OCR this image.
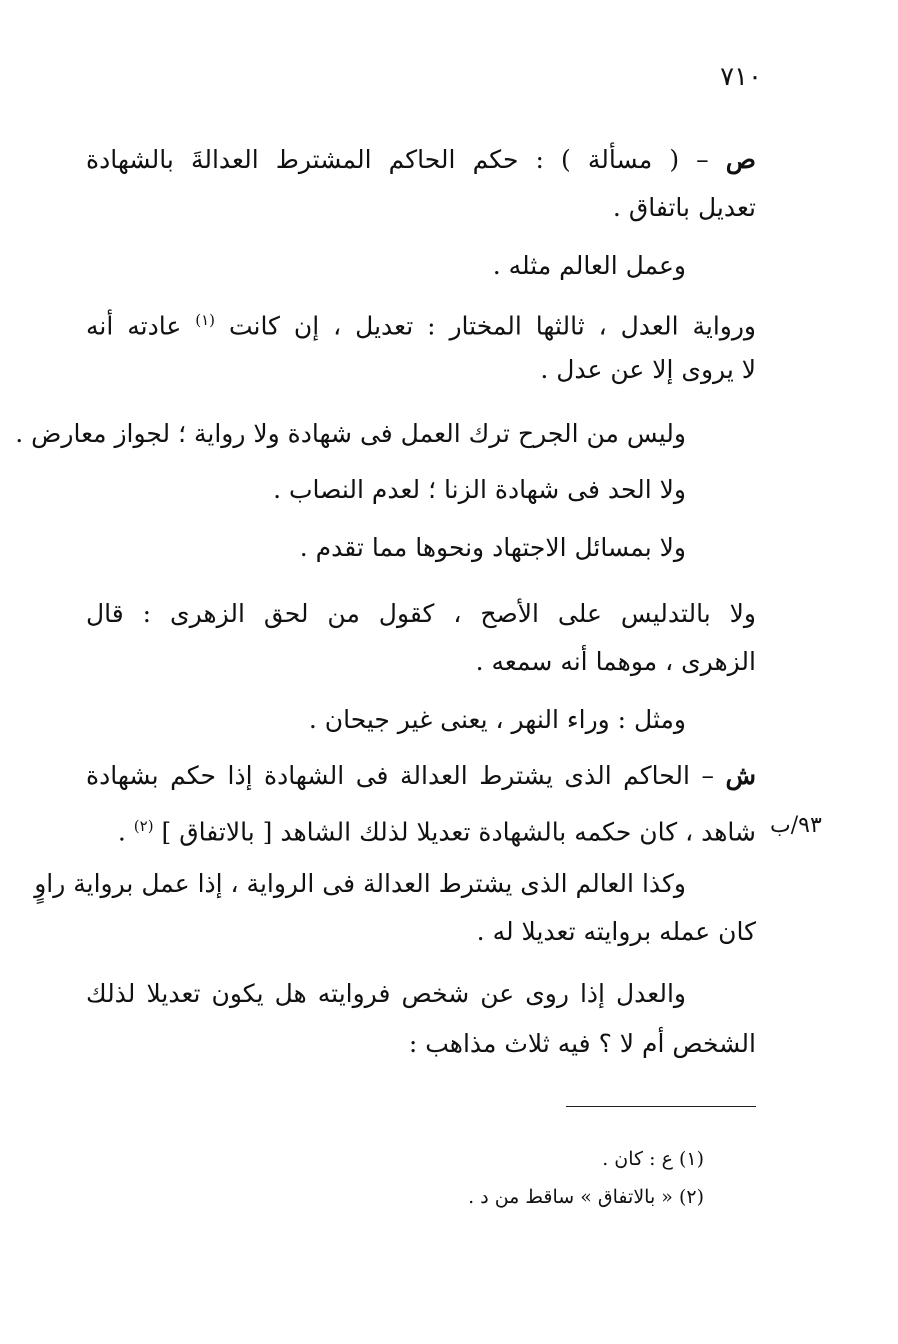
٧١٠
ص – ( مسألة ) : حكم الحاكم المشترط العدالةَ بالشهادة
تعديل باتفاق .
وعمل العالم مثله .
ورواية العدل ، ثالثها المختار : تعديل ، إن كانت $^{(١)}$ عادته أنه
لا يروى إلا عن عدل .
وليس من الجرح ترك العمل فى شهادة ولا رواية ؛ لجواز معارض .
ولا الحد فى شهادة الزنا ؛ لعدم النصاب .
ولا بمسائل الاجتهاد ونحوها مما تقدم .
ولا بالتدليس على الأصح ، كقول من لحق الزهرى : قال
الزهرى ، موهما أنه سمعه .
ومثل : وراء النهر ، يعنى غير جيحان .
ش – الحاكم الذى يشترط العدالة فى الشهادة إذا حكم بشهادة
شاهد ، كان حكمه بالشهادة تعديلا لذلك الشاهد [ بالاتفاق ] $^{(٢)}$ .	٩٣/ب
وكذا العالم الذى يشترط العدالة فى الرواية ، إذا عمل برواية راوٍ
كان عمله بروايته تعديلا له .
والعدل إذا روى عن شخص فروايته هل يكون تعديلا لذلك
الشخص أم لا ؟ فيه ثلاث مذاهب :
(١) ع : كان .
(٢) « بالاتفاق » ساقط من د .
